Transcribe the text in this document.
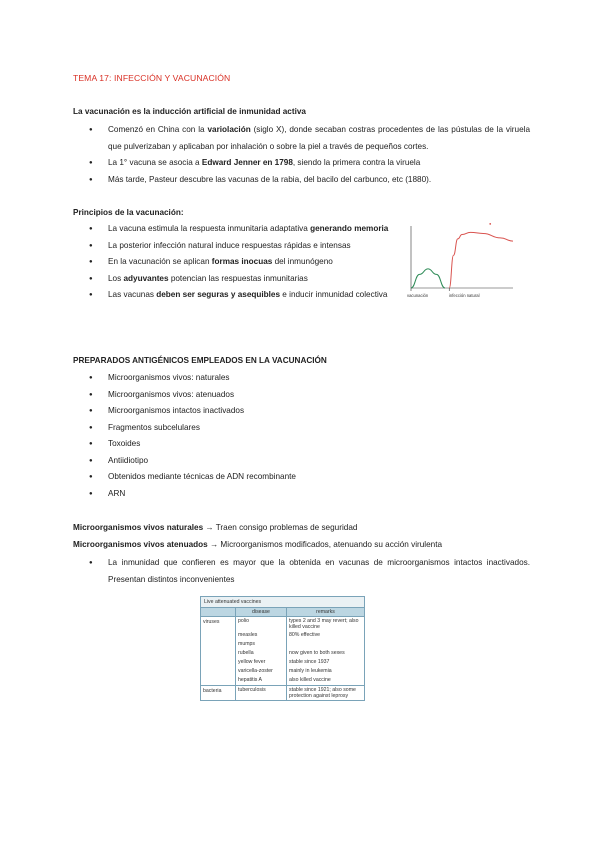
TEMA 17: INFECCIÓN Y VACUNACIÓN
La vacunación es la inducción artificial de inmunidad activa
● Comenzó en China con la variolación (siglo X), donde secaban costras procedentes de las pústulas de la viruela que pulverizaban y aplicaban por inhalación o sobre la piel a través de pequeños cortes.
● La 1° vacuna se asocia a Edward Jenner en 1798, siendo la primera contra la viruela
● Más tarde, Pasteur descubre las vacunas de la rabia, del bacilo del carbunco, etc (1880).
Principios de la vacunación:
● La vacuna estimula la respuesta inmunitaria adaptativa generando memoria
● La posterior infección natural induce respuestas rápidas e intensas
● En la vacunación se aplican formas inocuas del inmunógeno
● Los adyuvantes potencian las respuestas inmunitarias
● Las vacunas deben ser seguras y asequibles e inducir inmunidad colectiva
●
vacunación	infección natural
PREPARADOS ANTIGÉNICOS EMPLEADOS EN LA VACUNACIÓN
● Microorganismos vivos: naturales
● Microorganismos vivos: atenuados
● Microorganismos intactos inactivados
● Fragmentos subcelulares
● Toxoides
● Antiidiotipo
● Obtenidos mediante técnicas de ADN recombinante
● ARN
Microorganismos vivos naturales → Traen consigo problemas de seguridad
Microorganismos vivos atenuados → Microorganismos modificados, atenuando su acción virulenta
● La inmunidad que confieren es mayor que la obtenida en vacunas de microorganismos intactos inactivados. Presentan distintos inconvenientes
Live attenuated vaccines
disease	remarks
viruses	polio	types 2 and 3 may revert; also killed vaccine
measles	80% effective
mumps
rubella	now given to both sexes
yellow fever	stable since 1937
varicella-zoster	mainly in leukemia
hepatitis A	also killed vaccine
bacteria	tuberculosis	stable since 1921; also some protection against leprosy
